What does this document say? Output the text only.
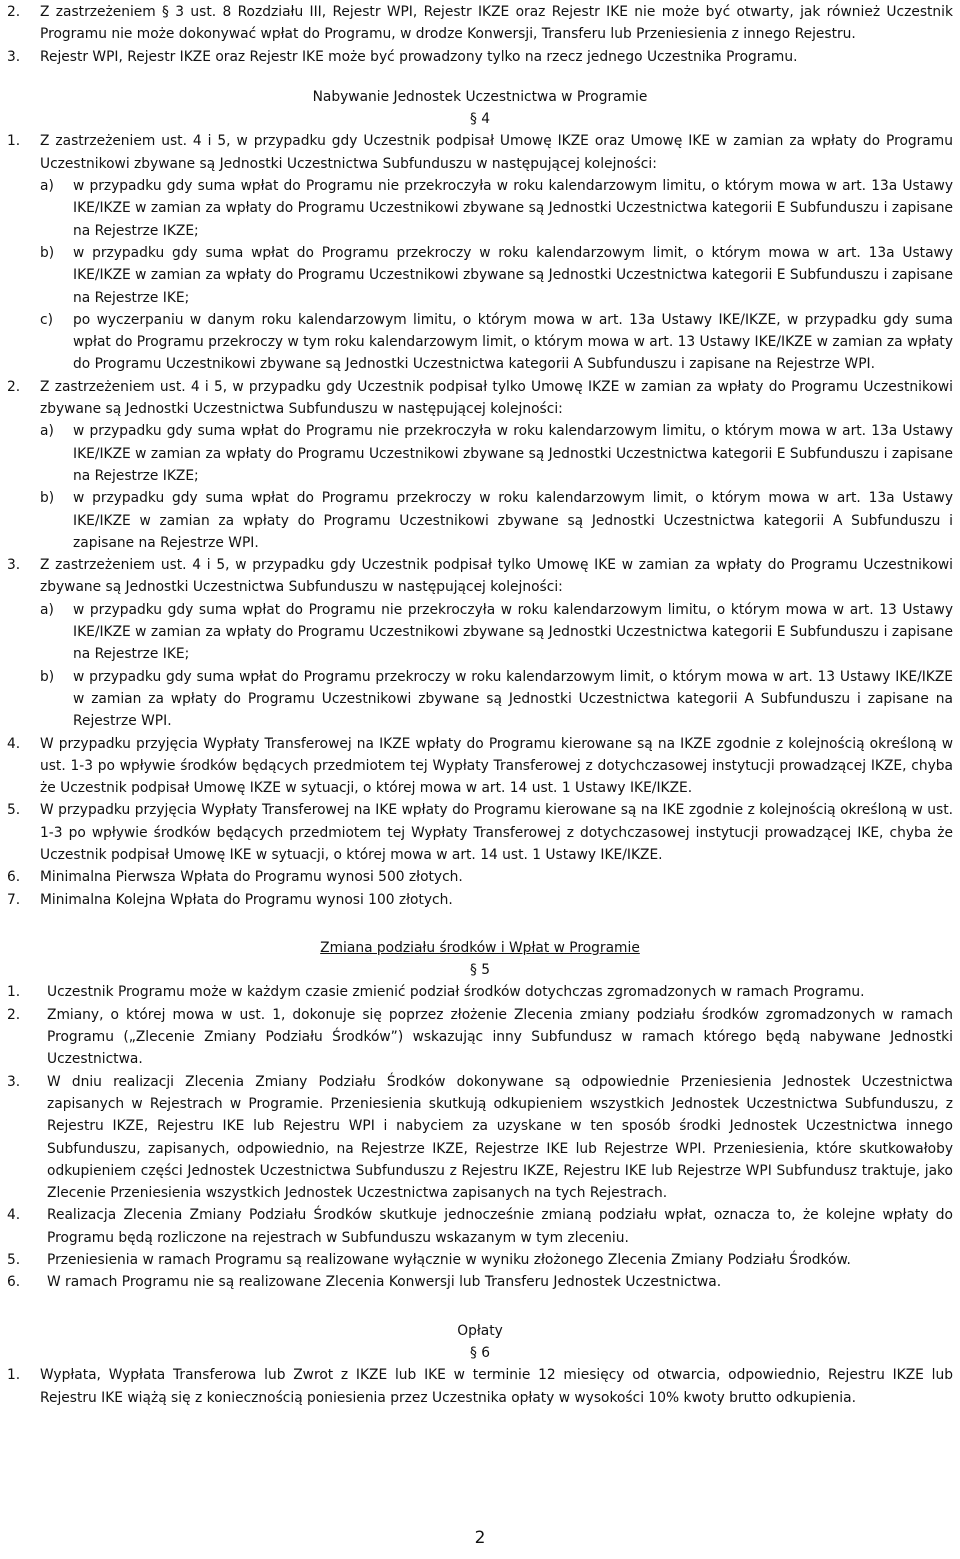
2.	Z zastrzeżeniem § 3 ust. 8 Rozdziału III, Rejestr WPI, Rejestr IKZE oraz Rejestr IKE nie może być otwarty, jak również Uczestnik Programu nie może dokonywać wpłat do Programu, w drodze Konwersji, Transferu lub Przeniesienia z innego Rejestru.
3.	Rejestr WPI, Rejestr IKZE oraz Rejestr IKE może być prowadzony tylko na rzecz jednego Uczestnika Programu.
Nabywanie Jednostek Uczestnictwa w Programie
§ 4
1.	Z zastrzeżeniem ust. 4 i 5, w przypadku gdy Uczestnik podpisał Umowę IKZE oraz Umowę IKE w zamian za wpłaty do Programu Uczestnikowi zbywane są Jednostki Uczestnictwa Subfunduszu w następującej kolejności:
a)	w przypadku gdy suma wpłat do Programu nie przekroczyła w roku kalendarzowym limitu, o którym mowa w art. 13a Ustawy IKE/IKZE w zamian za wpłaty do Programu Uczestnikowi zbywane są Jednostki Uczestnictwa kategorii E Subfunduszu i zapisane na Rejestrze IKZE;
b)	w przypadku gdy suma wpłat do Programu przekroczy w roku kalendarzowym limit, o którym mowa w art. 13a Ustawy IKE/IKZE w zamian za wpłaty do Programu Uczestnikowi zbywane są Jednostki Uczestnictwa kategorii E Subfunduszu i zapisane na Rejestrze IKE;
c)	po wyczerpaniu w danym roku kalendarzowym limitu, o którym mowa w art. 13a Ustawy IKE/IKZE, w przypadku gdy suma wpłat do Programu przekroczy w tym roku kalendarzowym limit, o którym mowa w art. 13 Ustawy IKE/IKZE w zamian za wpłaty do Programu Uczestnikowi zbywane są Jednostki Uczestnictwa kategorii A Subfunduszu i zapisane na Rejestrze WPI.
2.	Z zastrzeżeniem ust. 4 i 5, w przypadku gdy Uczestnik podpisał tylko Umowę IKZE w zamian za wpłaty do Programu Uczestnikowi zbywane są Jednostki Uczestnictwa Subfunduszu w następującej kolejności:
a)	w przypadku gdy suma wpłat do Programu nie przekroczyła w roku kalendarzowym limitu, o którym mowa w art. 13a Ustawy IKE/IKZE w zamian za wpłaty do Programu Uczestnikowi zbywane są Jednostki Uczestnictwa kategorii E Subfunduszu i zapisane na Rejestrze IKZE;
b)	w przypadku gdy suma wpłat do Programu przekroczy w roku kalendarzowym limit, o którym mowa w art. 13a Ustawy IKE/IKZE w zamian za wpłaty do Programu Uczestnikowi zbywane są Jednostki Uczestnictwa kategorii A Subfunduszu i zapisane na Rejestrze WPI.
3.	Z zastrzeżeniem ust. 4 i 5, w przypadku gdy Uczestnik podpisał tylko Umowę IKE w zamian za wpłaty do Programu Uczestnikowi zbywane są Jednostki Uczestnictwa Subfunduszu w następującej kolejności:
a)	w przypadku gdy suma wpłat do Programu nie przekroczyła w roku kalendarzowym limitu, o którym mowa w art. 13 Ustawy IKE/IKZE w zamian za wpłaty do Programu Uczestnikowi zbywane są Jednostki Uczestnictwa kategorii E Subfunduszu i zapisane na Rejestrze IKE;
b)	w przypadku gdy suma wpłat do Programu przekroczy w roku kalendarzowym limit, o którym mowa w art. 13 Ustawy IKE/IKZE w zamian za wpłaty do Programu Uczestnikowi zbywane są Jednostki Uczestnictwa kategorii A Subfunduszu i zapisane na Rejestrze WPI.
4.	W przypadku przyjęcia Wypłaty Transferowej na IKZE wpłaty do Programu kierowane są na IKZE zgodnie z kolejnością określoną w ust. 1-3 po wpływie środków będących przedmiotem tej Wypłaty Transferowej z dotychczasowej instytucji prowadzącej IKZE, chyba że Uczestnik podpisał Umowę IKZE w sytuacji, o której mowa w art. 14 ust. 1 Ustawy IKE/IKZE.
5.	W przypadku przyjęcia Wypłaty Transferowej na IKE wpłaty do Programu kierowane są na IKE zgodnie z kolejnością określoną w ust. 1-3 po wpływie środków będących przedmiotem tej Wypłaty Transferowej z dotychczasowej instytucji prowadzącej IKE, chyba że Uczestnik podpisał Umowę IKE w sytuacji, o której mowa w art. 14 ust. 1 Ustawy IKE/IKZE.
6.	Minimalna Pierwsza Wpłata do Programu wynosi 500 złotych.
7.	Minimalna Kolejna Wpłata do Programu wynosi 100 złotych.
Zmiana podziału środków i Wpłat w Programie
§ 5
1.	Uczestnik Programu może w każdym czasie zmienić podział środków dotychczas zgromadzonych w ramach Programu.
2.	Zmiany, o której mowa w ust. 1, dokonuje się poprzez złożenie Zlecenia zmiany podziału środków zgromadzonych w ramach Programu („Zlecenie Zmiany Podziału Środków”) wskazując inny Subfundusz w ramach którego będą nabywane Jednostki Uczestnictwa.
3.	W dniu realizacji Zlecenia Zmiany Podziału Środków dokonywane są odpowiednie Przeniesienia Jednostek Uczestnictwa zapisanych w Rejestrach w Programie. Przeniesienia skutkują odkupieniem wszystkich Jednostek Uczestnictwa Subfunduszu, z Rejestru IKZE, Rejestru IKE lub Rejestru WPI i nabyciem za uzyskane w ten sposób środki Jednostek Uczestnictwa innego Subfunduszu, zapisanych, odpowiednio, na Rejestrze IKZE, Rejestrze IKE lub Rejestrze WPI. Przeniesienia, które skutkowałoby odkupieniem części Jednostek Uczestnictwa Subfunduszu z Rejestru IKZE, Rejestru IKE lub Rejestrze WPI Subfundusz traktuje, jako Zlecenie Przeniesienia wszystkich Jednostek Uczestnictwa zapisanych na tych Rejestrach.
4.	Realizacja Zlecenia Zmiany Podziału Środków skutkuje jednocześnie zmianą podziału wpłat, oznacza to, że kolejne wpłaty do Programu będą rozliczone na rejestrach w Subfunduszu wskazanym w tym zleceniu.
5.	Przeniesienia w ramach Programu są realizowane wyłącznie w wyniku złożonego Zlecenia Zmiany Podziału Środków.
6.	W ramach Programu nie są realizowane Zlecenia Konwersji lub Transferu Jednostek Uczestnictwa.
Opłaty
§ 6
1.	Wypłata, Wypłata Transferowa lub Zwrot z IKZE lub IKE w terminie 12 miesięcy od otwarcia, odpowiednio, Rejestru IKZE lub Rejestru IKE wiążą się z koniecznością poniesienia przez Uczestnika opłaty w wysokości 10% kwoty brutto odkupienia.
2
